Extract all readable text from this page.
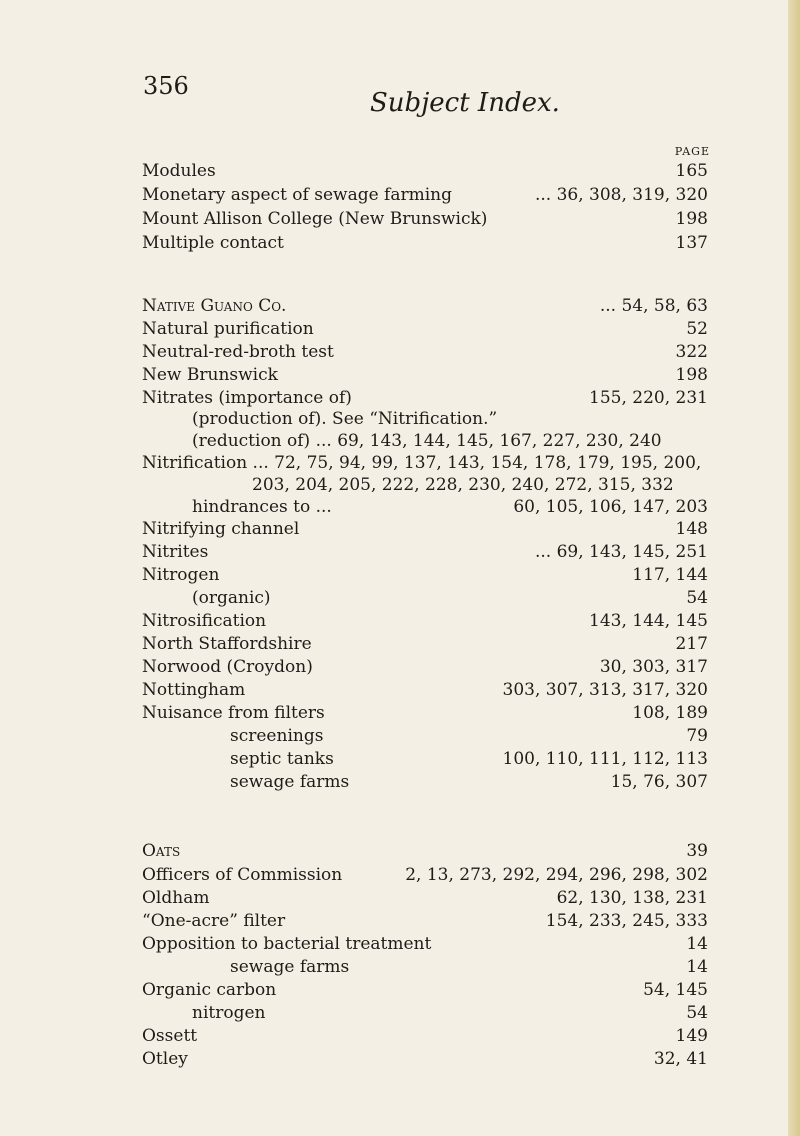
356
Subject Index.
PAGE
Modules	165
Monetary aspect of sewage farming	... 36, 308, 319, 320
Mount Allison College (New Brunswick)	198
Multiple contact	137
Native Guano Co.	... 54, 58, 63
Natural purification	52
Neutral-red-broth test	322
New Brunswick	198
Nitrates (importance of)	155, 220, 231
(production of). See “Nitrification.”
(reduction of) ... 69, 143, 144, 145, 167, 227, 230, 240
Nitrification ... 72, 75, 94, 99, 137, 143, 154, 178, 179, 195, 200,
203, 204, 205, 222, 228, 230, 240, 272, 315, 332
hindrances to ...	60, 105, 106, 147, 203
Nitrifying channel	148
Nitrites	... 69, 143, 145, 251
Nitrogen	117, 144
(organic)	54
Nitrosification	143, 144, 145
North Staffordshire	217
Norwood (Croydon)	30, 303, 317
Nottingham	303, 307, 313, 317, 320
Nuisance from filters	108, 189
screenings	79
septic tanks	100, 110, 111, 112, 113
sewage farms	15, 76, 307
Oats	39
Officers of Commission	2, 13, 273, 292, 294, 296, 298, 302
Oldham	62, 130, 138, 231
“One-acre” filter	154, 233, 245, 333
Opposition to bacterial treatment	14
sewage farms	14
Organic carbon	54, 145
nitrogen	54
Ossett	149
Otley	32, 41
